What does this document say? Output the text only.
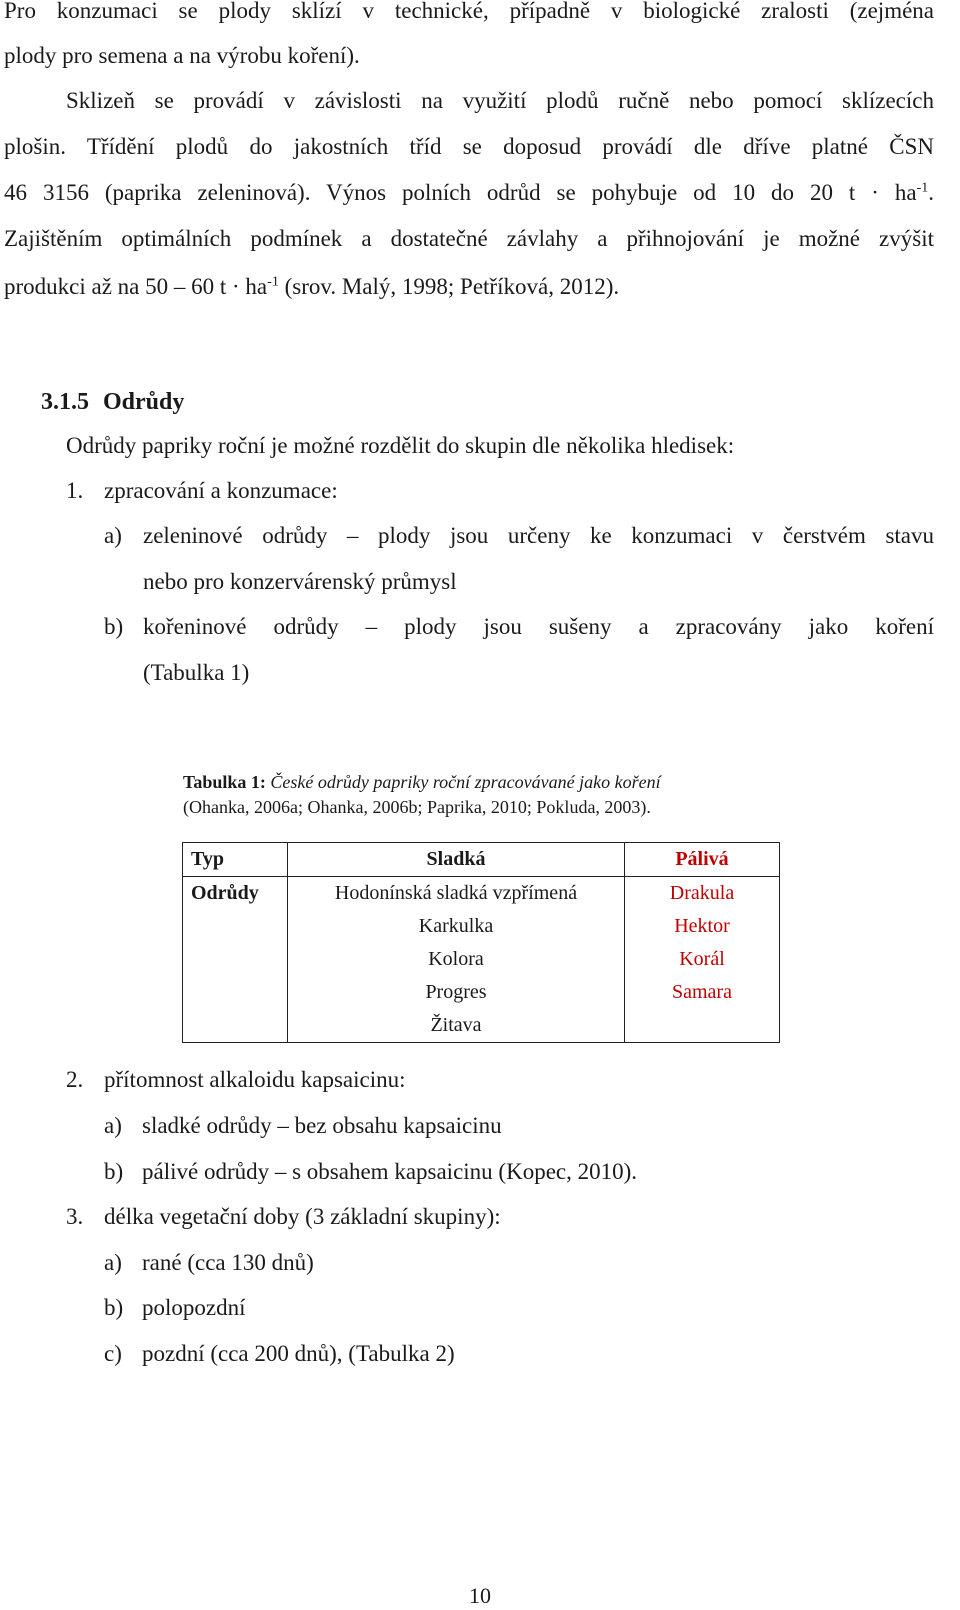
Pro konzumaci se plody sklízí v technické, případně v biologické zralosti (zejména

plody pro semena a na výrobu koření).

Sklizeň se provádí v závislosti na využití plodů ručně nebo pomocí sklízecích

plošin. Třídění plodů do jakostních tříd se doposud provádí dle dříve platné ČSN

46 3156 (paprika zeleninová). Výnos polních odrůd se pohybuje od 10 do 20 $t \cdot ha^{-1}$.

Zajištěním optimálních podmínek a dostatečné závlahy a přihnojování je možné zvýšit

produkci až na 50 – 60 $t \cdot ha^{-1}$ (srov. Malý, 1998; Petříková, 2012).

3.1.5 Odrůdy

Odrůdy papriky roční je možné rozdělit do skupin dle několika hledisek:

1. zpracování a konzumace:

a) zeleninové odrůdy – plody jsou určeny ke konzumaci v čerstvém stavu

nebo pro konzervárenský průmysl

b) kořeninové odrůdy – plody jsou sušeny a zpracovány jako koření

(Tabulka 1)

Tabulka 1: České odrůdy papriky roční zpracovávané jako koření
(Ohanka, 2006a; Ohanka, 2006b; Paprika, 2010; Pokluda, 2003).

Typ	Sladká	Pálivá
Odrůdy	Hodonínská sladká vzpřímená	Drakula
	Karkulka	Hektor
	Kolora	Korál
	Progres	Samara
	Žitava	

2. přítomnost alkaloidu kapsaicinu:

a) sladké odrůdy – bez obsahu kapsaicinu

b) pálivé odrůdy – s obsahem kapsaicinu (Kopec, 2010).

3. délka vegetační doby (3 základní skupiny):

a) rané (cca 130 dnů)

b) polopozdní

c) pozdní (cca 200 dnů), (Tabulka 2)

10
